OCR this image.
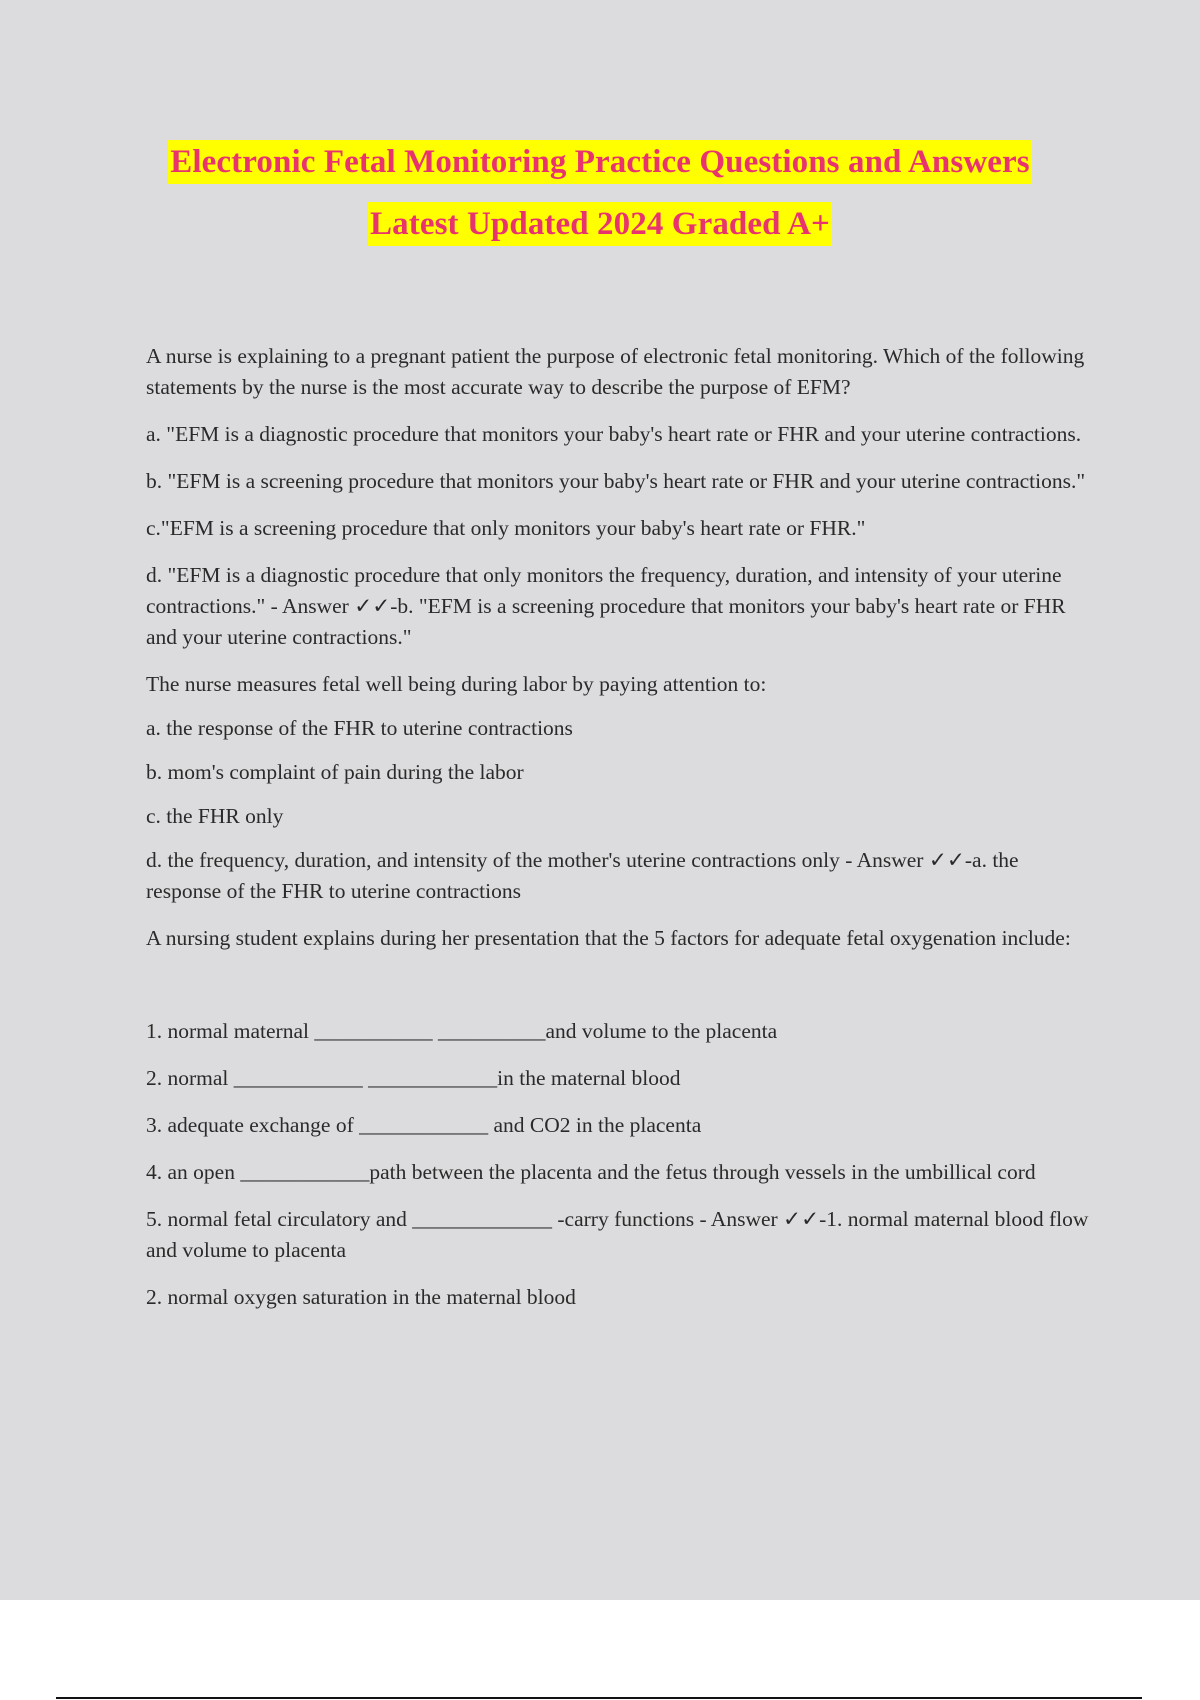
Electronic Fetal Monitoring Practice Questions and Answers
Latest Updated 2024 Graded A+

A nurse is explaining to a pregnant patient the purpose of electronic fetal monitoring. Which of the following statements by the nurse is the most accurate way to describe the purpose of EFM?

a. "EFM is a diagnostic procedure that monitors your baby's heart rate or FHR and your uterine contractions.

b. "EFM is a screening procedure that monitors your baby's heart rate or FHR and your uterine contractions."

c."EFM is a screening procedure that only monitors your baby's heart rate or FHR."

d. "EFM is a diagnostic procedure that only monitors the frequency, duration, and intensity of your uterine contractions." - Answer ✓✓-b. "EFM is a screening procedure that monitors your baby's heart rate or FHR and your uterine contractions."

The nurse measures fetal well being during labor by paying attention to:

a. the response of the FHR to uterine contractions

b. mom's complaint of pain during the labor

c. the FHR only

d. the frequency, duration, and intensity of the mother's uterine contractions only - Answer ✓✓-a. the response of the FHR to uterine contractions

A nursing student explains during her presentation that the 5 factors for adequate fetal oxygenation include:

1. normal maternal ___________ __________and volume to the placenta

2. normal ____________ ____________in the maternal blood

3. adequate exchange of ____________ and CO2 in the placenta

4. an open ____________path between the placenta and the fetus through vessels in the umbillical cord

5. normal fetal circulatory and _____________ -carry functions - Answer ✓✓-1. normal maternal blood flow and volume to placenta

2. normal oxygen saturation in the maternal blood
